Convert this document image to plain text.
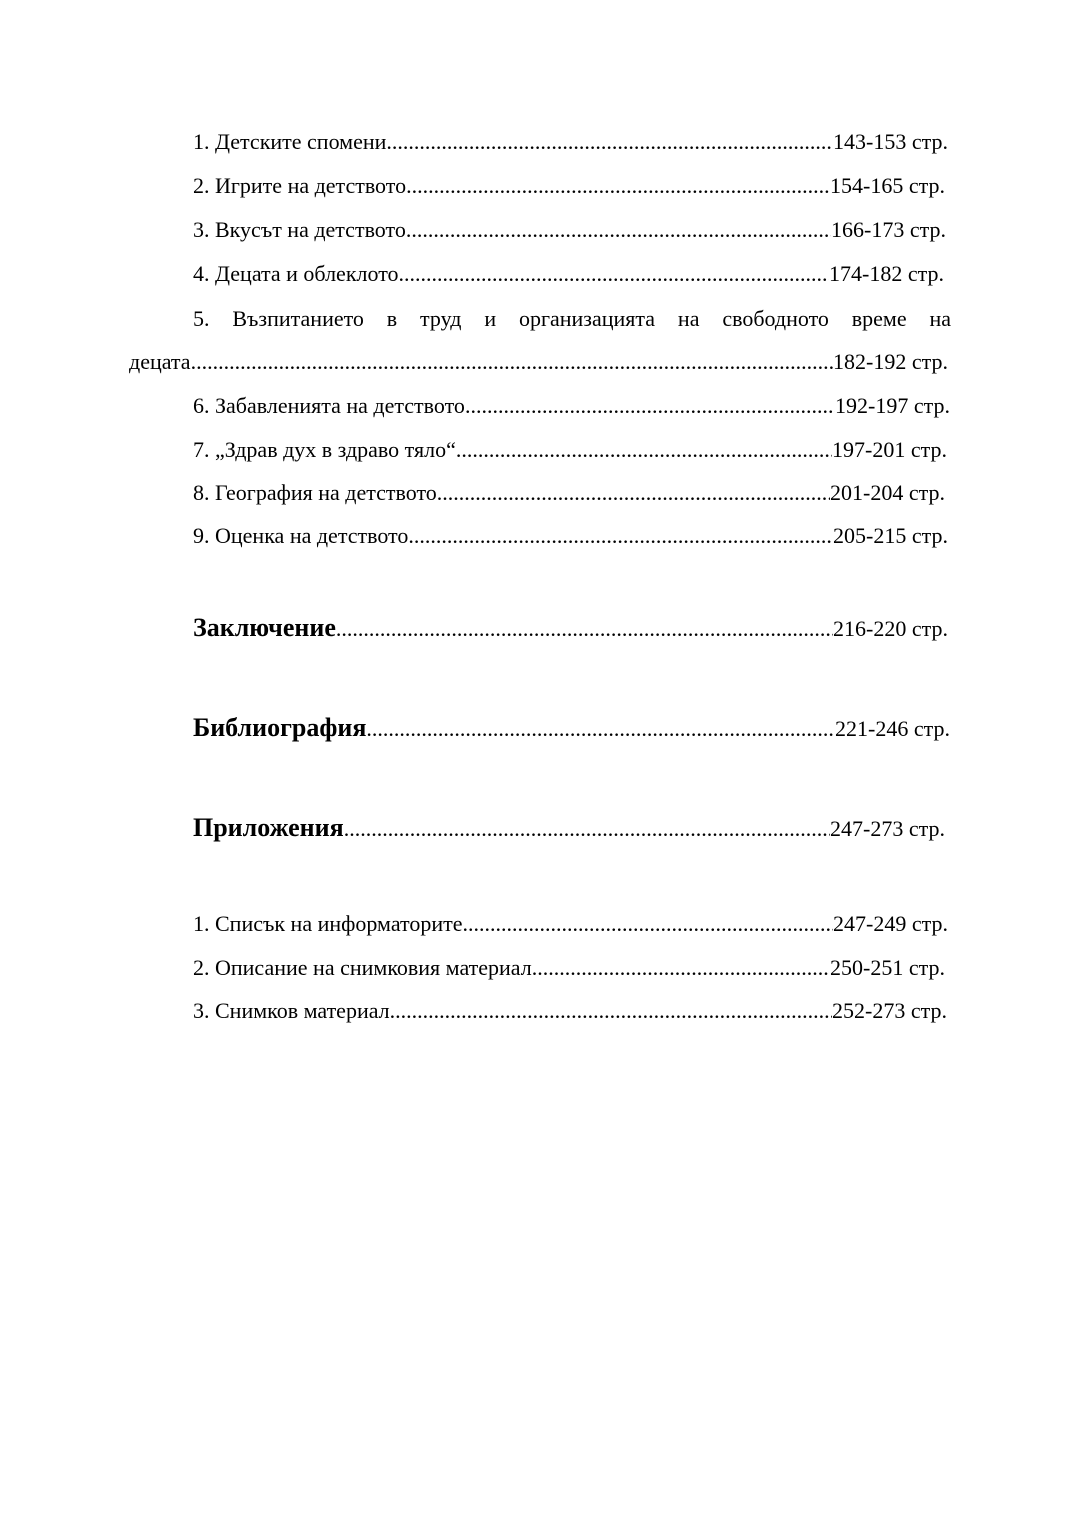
1. Детските спомени .....	143-153 стр.
2. Игрите на детството .....	154-165 стр.
3. Вкусът на детството .....	166-173 стр.
4. Децата и облеклото .....	174-182 стр.
5. Възпитанието в труд и организацията на свободното време на
децата .....	182-192 стр.
6. Забавленията на детството .....	192-197 стр.
7. „Здрав дух в здраво тяло“ .....	197-201 стр.
8. География на детството .....	201-204 стр.
9. Оценка на детството .....	205-215 стр.
Заключение .....	216-220 стр.
Библиография .....	221-246 стр.
Приложения .....	247-273 стр.
1. Списък на информаторите .....	247-249 стр.
2. Описание на снимковия материал .....	250-251 стр.
3. Снимков материал .....	252-273 стр.
